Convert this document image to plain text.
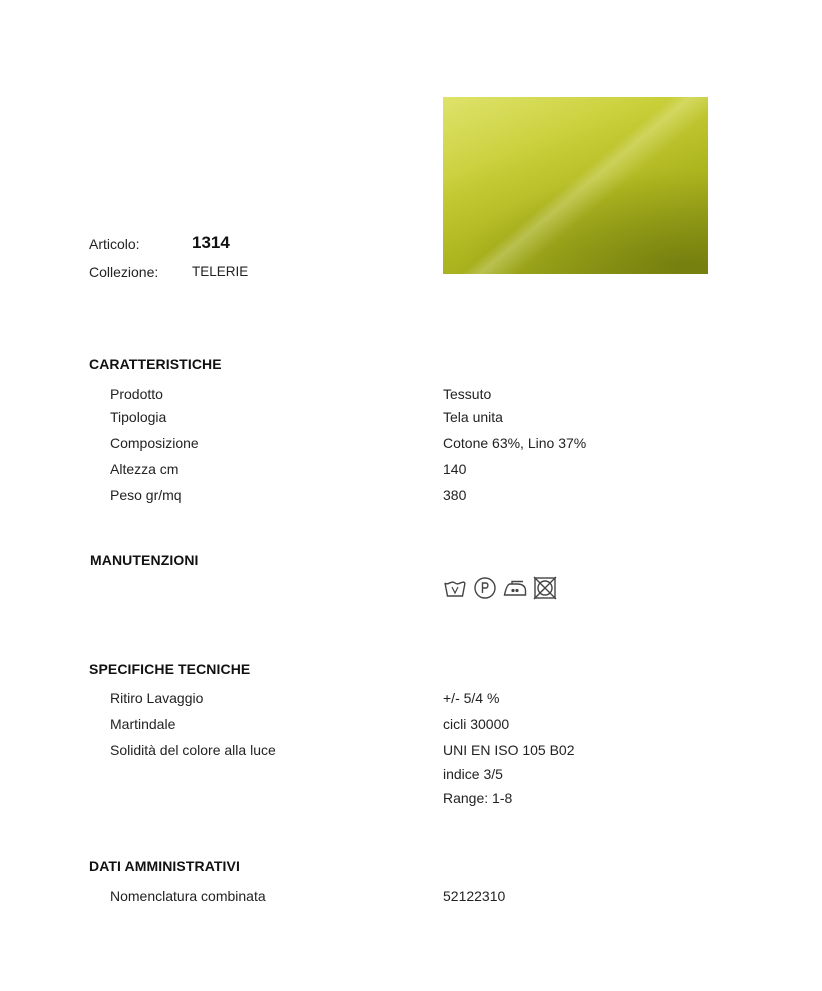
Articolo:	1314
Collezione: TELERIE
CARATTERISTICHE
Prodotto	Tessuto
Tipologia	Tela unita
Composizione	Cotone 63%, Lino 37%
Altezza cm	140
Peso gr/mq	380
MANUTENZIONI
SPECIFICHE TECNICHE
Ritiro Lavaggio	+/- 5/4 %
Martindale	cicli 30000
Solidità del colore alla luce	UNI EN ISO 105 B02
indice 3/5
Range: 1-8
DATI AMMINISTRATIVI
Nomenclatura combinata	52122310
